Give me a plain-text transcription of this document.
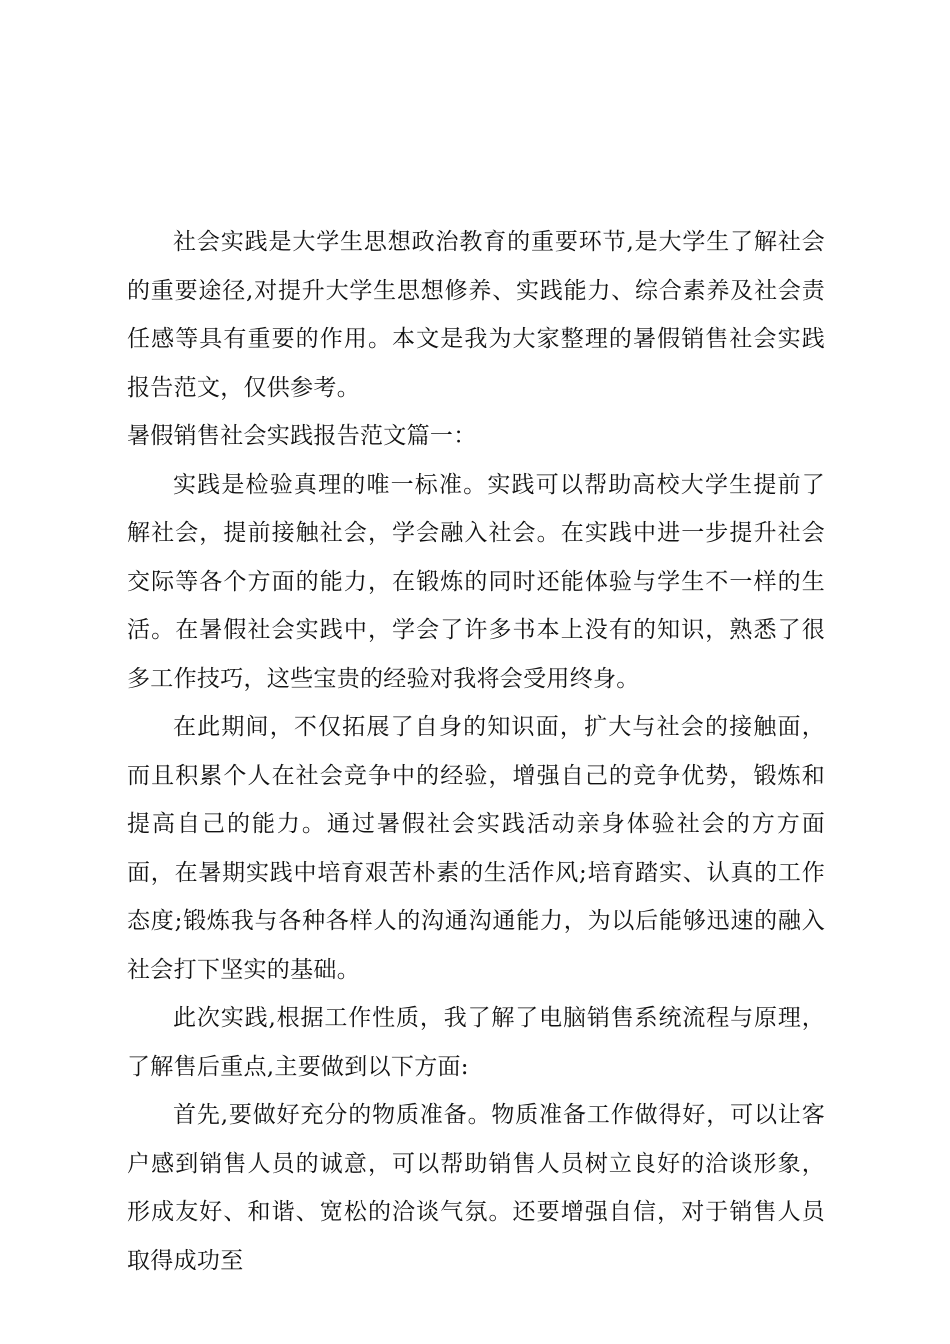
社会实践是大学生思想政治教育的重要环节,是大学生了解社会的重要途径,对提升大学生思想修养、实践能力、综合素养及社会责任感等具有重要的作用。本文是我为大家整理的暑假销售社会实践报告范文，仅供参考。

暑假销售社会实践报告范文篇一：

实践是检验真理的唯一标准。实践可以帮助高校大学生提前了解社会，提前接触社会，学会融入社会。在实践中进一步提升社会交际等各个方面的能力，在锻炼的同时还能体验与学生不一样的生活。在暑假社会实践中，学会了许多书本上没有的知识，熟悉了很多工作技巧，这些宝贵的经验对我将会受用终身。

在此期间，不仅拓展了自身的知识面，扩大与社会的接触面，而且积累个人在社会竞争中的经验，增强自己的竞争优势，锻炼和提高自己的能力。通过暑假社会实践活动亲身体验社会的方方面面，在暑期实践中培育艰苦朴素的生活作风;培育踏实、认真的工作态度;锻炼我与各种各样人的沟通沟通能力，为以后能够迅速的融入社会打下坚实的基础。

此次实践,根据工作性质，我了解了电脑销售系统流程与原理，了解售后重点,主要做到以下方面:

首先,要做好充分的物质准备。物质准备工作做得好，可以让客户感到销售人员的诚意，可以帮助销售人员树立良好的洽谈形象，形成友好、和谐、宽松的洽谈气氛。还要增强自信，对于销售人员取得成功至
